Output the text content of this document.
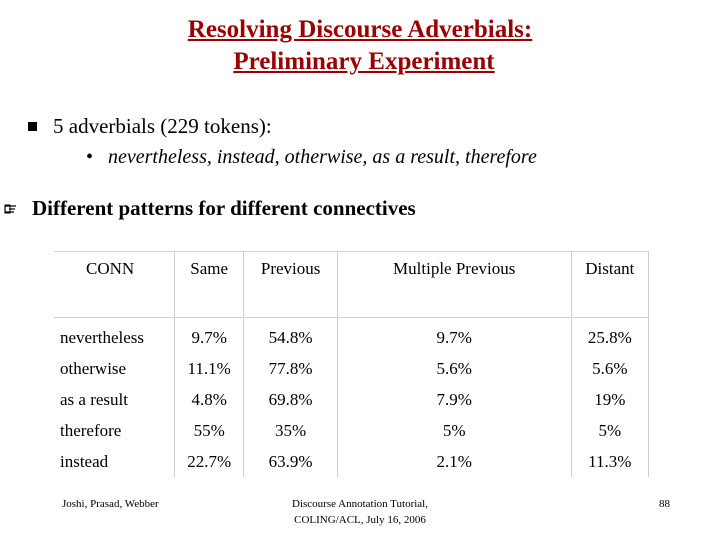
Resolving Discourse Adverbials:
Preliminary Experiment
5 adverbials (229 tokens):
• nevertheless, instead, otherwise, as a result, therefore
Different patterns for different connectives
CONN	Same	Previous	Multiple Previous	Distant
nevertheless	9.7%	54.8%	9.7%	25.8%
otherwise	11.1%	77.8%	5.6%	5.6%
as a result	4.8%	69.8%	7.9%	19%
therefore	55%	35%	5%	5%
instead	22.7%	63.9%	2.1%	11.3%
Joshi, Prasad, Webber	Discourse Annotation Tutorial,
COLING/ACL, July 16, 2006
88
